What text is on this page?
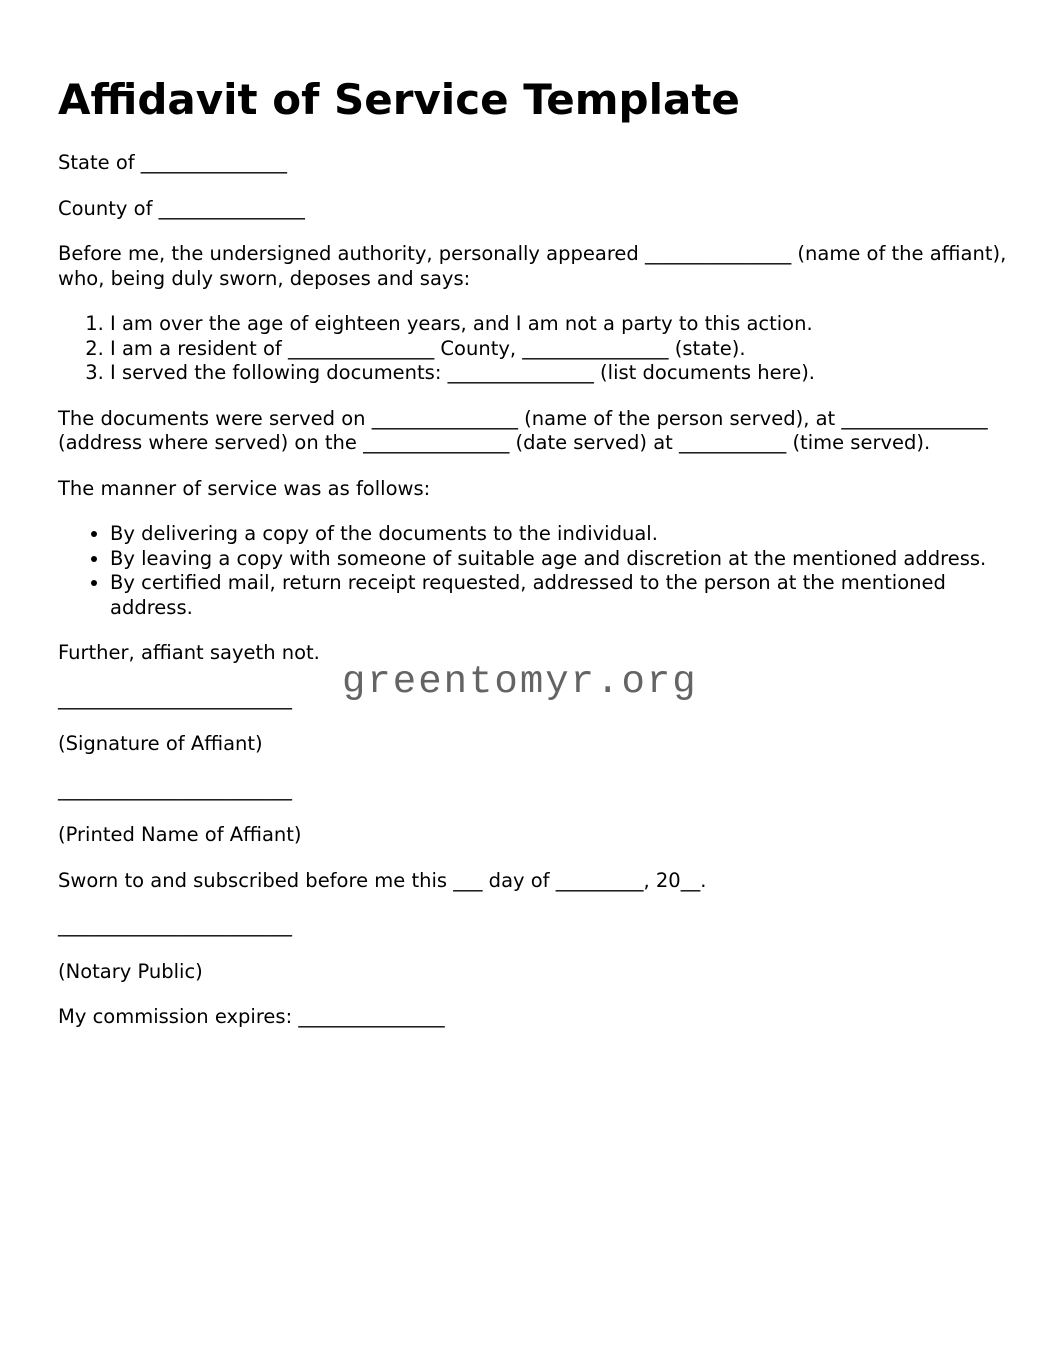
Affidavit of Service Template

State of _______________

County of _______________

Before me, the undersigned authority, personally appeared _______________ (name of the affiant), who, being duly sworn, deposes and says:

1. I am over the age of eighteen years, and I am not a party to this action.
2. I am a resident of _______________ County, _______________ (state).
3. I served the following documents: _______________ (list documents here).

The documents were served on _______________ (name of the person served), at _______________ (address where served) on the _______________ (date served) at ___________ (time served).

The manner of service was as follows:

• By delivering a copy of the documents to the individual.
• By leaving a copy with someone of suitable age and discretion at the mentioned address.
• By certified mail, return receipt requested, addressed to the person at the mentioned address.

Further, affiant sayeth not.

________________________

(Signature of Affiant)

________________________

(Printed Name of Affiant)

Sworn to and subscribed before me this ___ day of _________, 20__.

________________________

(Notary Public)

My commission expires: _______________

greentomyr.org
